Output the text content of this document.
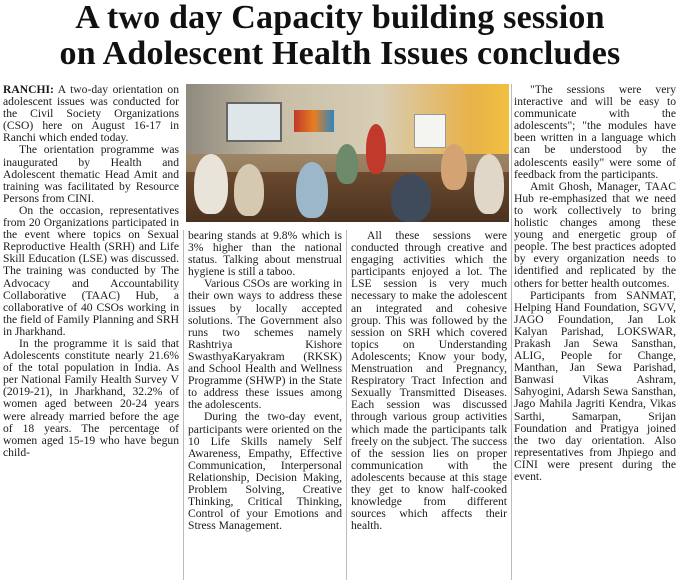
A two day Capacity building session
on Adolescent Health Issues concludes

RANCHI: A two-day orientation on adolescent issues was conducted for the Civil Society Organizations (CSO) here on August 16-17 in Ranchi which ended today.

The orientation programme was inaugurated by Health and Adolescent thematic Head Amit and training was facilitated by Resource Persons from CINI.

On the occasion, representatives from 20 Organizations participated in the event where topics on Sexual Reproductive Health (SRH) and Life Skill Education (LSE) was discussed. The training was conducted by The Advocacy and Accountability Collaborative (TAAC) Hub, a collaborative of 40 CSOs working in the field of Family Planning and SRH in Jharkhand.

In the programme it is said that Adolescents constitute nearly 21.6% of the total population in India. As per National Family Health Survey V (2019-21), in Jharkhand, 32.2% of women aged between 20-24 years were already married before the age of 18 years. The percentage of women aged 15-19 who have begun child-

bearing stands at 9.8% which is 3% higher than the national status. Talking about menstrual hygiene is still a taboo.

Various CSOs are working in their own ways to address these issues by locally accepted solutions. The Government also runs two schemes namely Rashtriya Kishore SwasthyaKaryakram (RKSK) and School Health and Wellness Programme (SHWP) in the State to address these issues among the adolescents.

During the two-day event, participants were oriented on the 10 Life Skills namely Self Awareness, Empathy, Effective Communication, Interpersonal Relationship, Decision Making, Problem Solving, Creative Thinking, Critical Thinking, Control of your Emotions and Stress Management.

All these sessions were conducted through creative and engaging activities which the participants enjoyed a lot. The LSE session is very much necessary to make the adolescent an integrated and cohesive group. This was followed by the session on SRH which covered topics on Understanding Adolescents; Know your body, Menstruation and Pregnancy, Respiratory Tract Infection and Sexually Transmitted Diseases. Each session was discussed through various group activities which made the participants talk freely on the subject. The success of the session lies on proper communication with the adolescents because at this stage they get to know half-cooked knowledge from different sources which affects their health.

"The sessions were very interactive and will be easy to communicate with the adolescents"; "the modules have been written in a language which can be understood by the adolescents easily" were some of feedback from the participants.

Amit Ghosh, Manager, TAAC Hub re-emphasized that we need to work collectively to bring holistic changes among these young and energetic group of people. The best practices adopted by every organization needs to identified and replicated by the others for better health outcomes.

Participants from SANMAT, Helping Hand Foundation, SGVV, JAGO Foundation, Jan Lok Kalyan Parishad, LOKSWAR, Prakash Jan Sewa Sansthan, ALIG, People for Change, Manthan, Jan Sewa Parishad, Banwasi Vikas Ashram, Sahyogini, Adarsh Sewa Sansthan, Jago Mahila Jagriti Kendra, Vikas Sarthi, Samarpan, Srijan Foundation and Pratigya joined the two day orientation. Also representatives from Jhpiego and CINI were present during the event.
